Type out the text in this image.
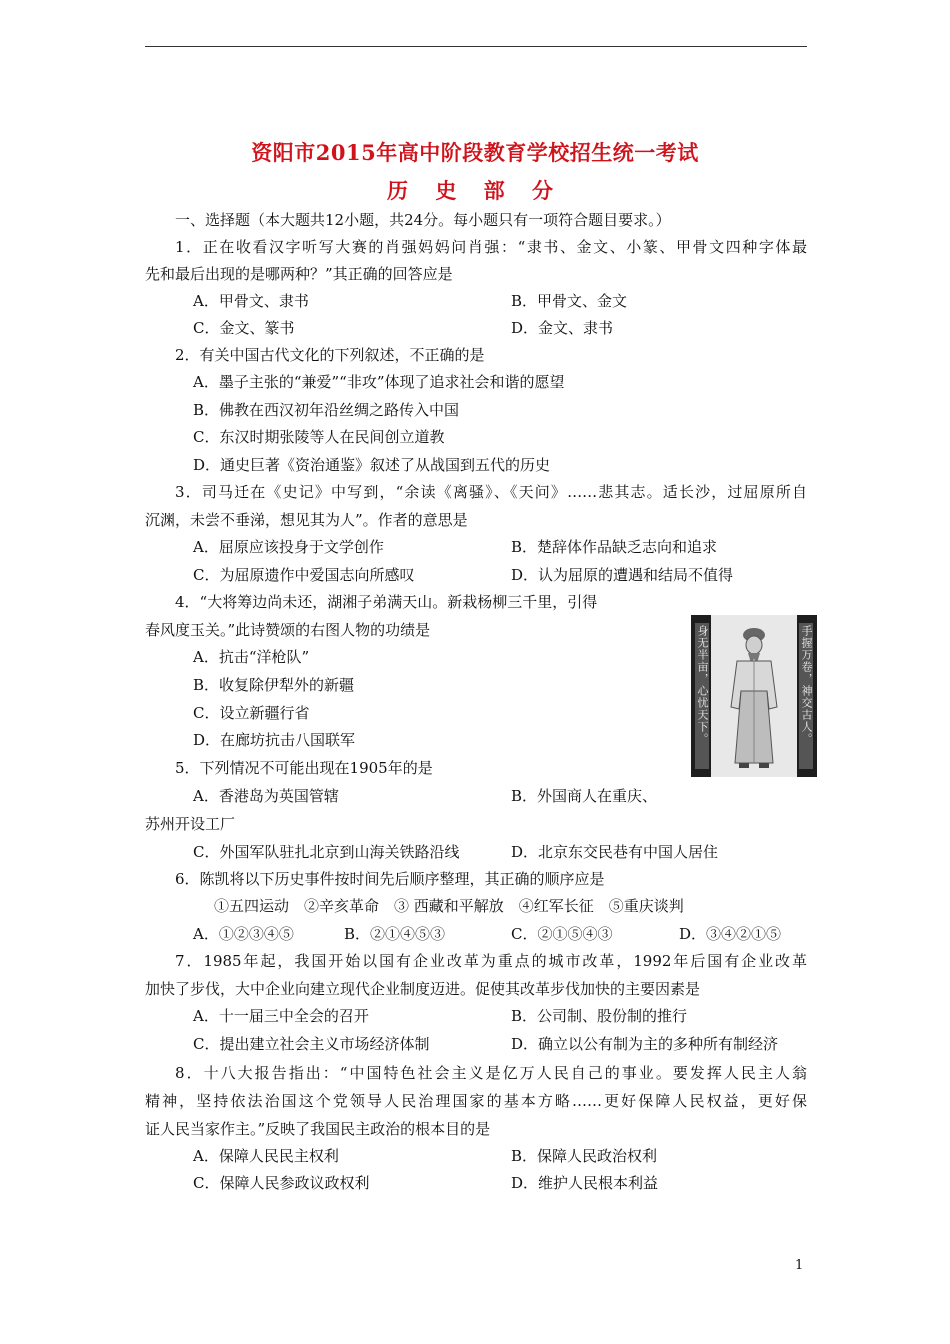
资阳市2015年高中阶段教育学校招生统一考试
历 史 部 分
一、选择题（本大题共12小题，共24分。每小题只有一项符合题目要求。）
1．正在收看汉字听写大赛的肖强妈妈问肖强：“隶书、金文、小篆、甲骨文四种字体最
先和最后出现的是哪两种？”其正确的回答应是
A．甲骨文、隶书	B．甲骨文、金文
C．金文、篆书	D．金文、隶书
2．有关中国古代文化的下列叙述，不正确的是
A．墨子主张的“兼爱”“非攻”体现了追求社会和谐的愿望
B．佛教在西汉初年沿丝绸之路传入中国
C．东汉时期张陵等人在民间创立道教
D．通史巨著《资治通鉴》叙述了从战国到五代的历史
3．司马迁在《史记》中写到，“余读《离骚》、《天问》……悲其志。适长沙，过屈原所自
沉渊，未尝不垂涕，想见其为人”。作者的意思是
A．屈原应该投身于文学创作	B．楚辞体作品缺乏志向和追求
C．为屈原遗作中爱国志向所感叹	D．认为屈原的遭遇和结局不值得
4．“大将筹边尚未还，湖湘子弟满天山。新栽杨柳三千里，引得
春风度玉关。”此诗赞颂的右图人物的功绩是
A．抗击“洋枪队”
B．收复除伊犁外的新疆
C．设立新疆行省
D．在廊坊抗击八国联军	身无半亩，心忧天下。	手握万卷，神交古人。
5．下列情况不可能出现在1905年的是
A．香港岛为英国管辖	B．外国商人在重庆、
苏州开设工厂
C．外国军队驻扎北京到山海关铁路沿线	D．北京东交民巷有中国人居住
6．陈凯将以下历史事件按时间先后顺序整理，其正确的顺序应是
①五四运动　②辛亥革命　③ 西藏和平解放　④红军长征　⑤重庆谈判
A．①②③④⑤	B．②①④⑤③	C．②①⑤④③	D．③④②①⑤
7．1985年起，我国开始以国有企业改革为重点的城市改革，1992年后国有企业改革
加快了步伐，大中企业向建立现代企业制度迈进。促使其改革步伐加快的主要因素是
A．十一届三中全会的召开	B．公司制、股份制的推行
C．提出建立社会主义市场经济体制	D．确立以公有制为主的多种所有制经济
8．十八大报告指出：“中国特色社会主义是亿万人民自己的事业。要发挥人民主人翁
精神，坚持依法治国这个党领导人民治理国家的基本方略……更好保障人民权益，更好保
证人民当家作主。”反映了我国民主政治的根本目的是
A．保障人民民主权利	B．保障人民政治权利
C．保障人民参政议政权利	D．维护人民根本利益
1
